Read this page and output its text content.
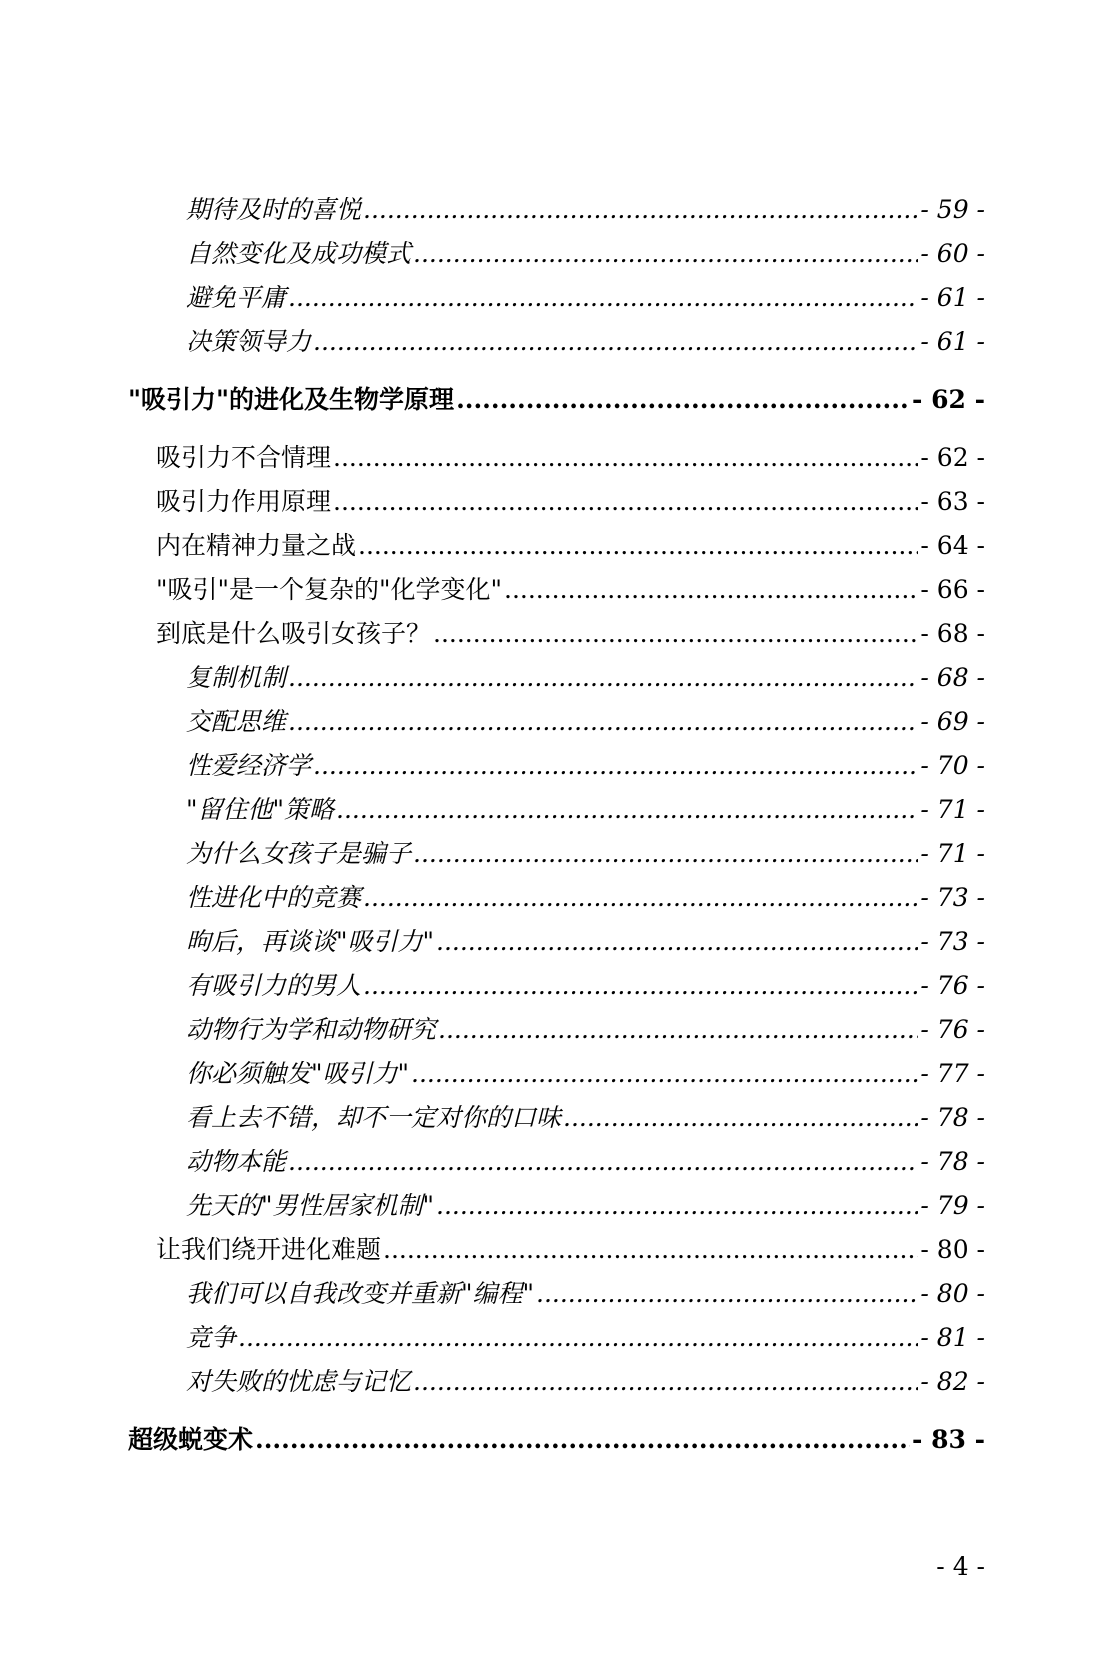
期待及时的喜悦 .....	- 59 -
自然变化及成功模式 .....	- 60 -
避免平庸 .....	- 61 -
决策领导力 .....	- 61 -
"吸引力"的进化及生物学原理 .....	- 62 -
吸引力不合情理 .....	- 62 -
吸引力作用原理 .....	- 63 -
内在精神力量之战 .....	- 64 -
"吸引"是一个复杂的"化学变化" .....	- 66 -
到底是什么吸引女孩子？ .....	- 68 -
复制机制 .....	- 68 -
交配思维 .....	- 69 -
性爱经济学 .....	- 70 -
"留住他"策略 .....	- 71 -
为什么女孩子是骗子 .....	- 71 -
性进化中的竞赛 .....	- 73 -
昫后，再谈谈"吸引力" .....	- 73 -
有吸引力的男人 .....	- 76 -
动物行为学和动物研究 .....	- 76 -
你必须触发"吸引力" .....	- 77 -
看上去不错，却不一定对你的口味 .....	- 78 -
动物本能 .....	- 78 -
先天的"男性居家机制" .....	- 79 -
让我们绕开进化难题 .....	- 80 -
我们可以自我改变并重新"编程" .....	- 80 -
竞争 .....	- 81 -
对失败的忧虑与记忆 .....	- 82 -
超级蜕变术 .....	- 83 -
- 4 -
